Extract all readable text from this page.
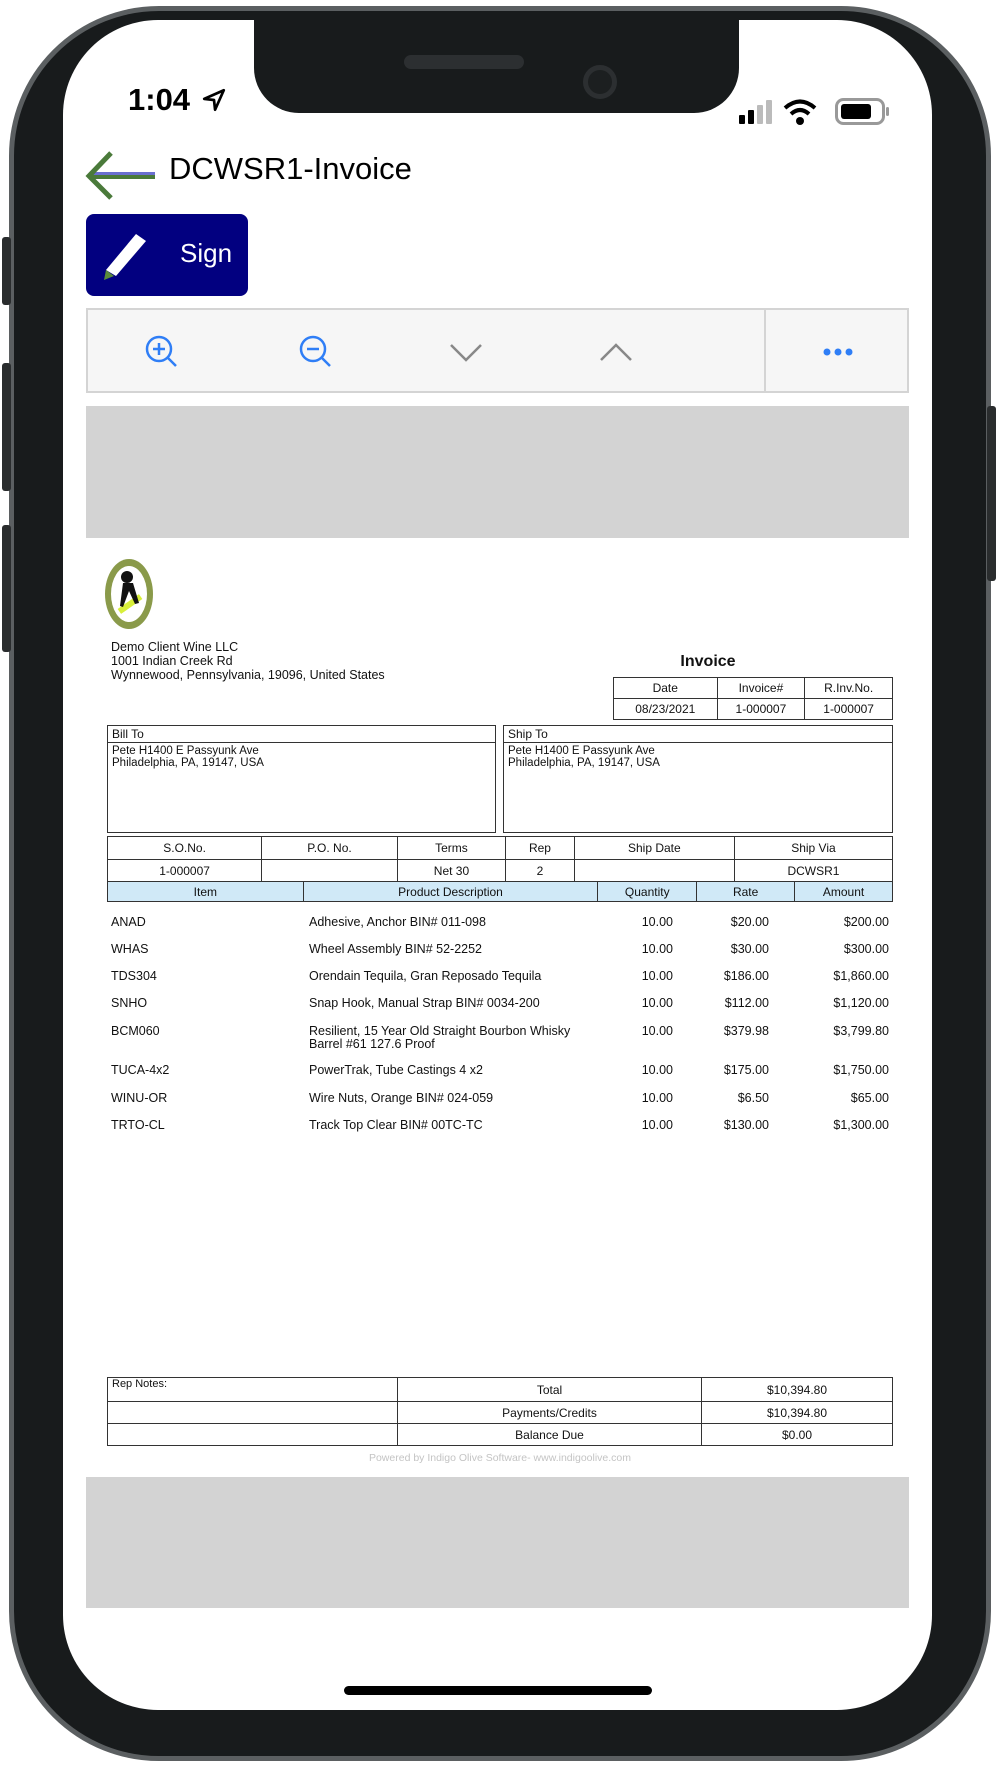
1:04
DCWSR1-Invoice
Sign
Demo Client Wine LLC
1001 Indian Creek Rd
Wynnewood, Pennsylvania, 19096, United States
Invoice
Date	Invoice#	R.Inv.No.
08/23/2021	1-000007	1-000007
Bill To
Pete H1400 E Passyunk Ave
Philadelphia, PA, 19147, USA
Ship To
Pete H1400 E Passyunk Ave
Philadelphia, PA, 19147, USA
S.O.No.	P.O. No.	Terms	Rep	Ship Date	Ship Via
1-000007		Net 30	2		DCWSR1
Item	Product Description	Quantity	Rate	Amount
ANAD	Adhesive, Anchor BIN# 011-098	10.00	$20.00	$200.00
WHAS	Wheel Assembly BIN# 52-2252	10.00	$30.00	$300.00
TDS304	Orendain Tequila, Gran Reposado Tequila	10.00	$186.00	$1,860.00
SNHO	Snap Hook, Manual Strap BIN# 0034-200	10.00	$112.00	$1,120.00
BCM060	Resilient, 15 Year Old Straight Bourbon Whisky
Barrel #61 127.6 Proof
10.00	$379.98	$3,799.80
TUCA-4x2	PowerTrak, Tube Castings 4 x2	10.00	$175.00	$1,750.00
WINU-OR	Wire Nuts, Orange BIN# 024-059	10.00	$6.50	$65.00
TRTO-CL	Track Top Clear BIN# 00TC-TC	10.00	$130.00	$1,300.00
Rep Notes:	Total	$10,394.80
	Payments/Credits	$10,394.80
	Balance Due	$0.00
Powered by Indigo Olive Software- www.indigoolive.com
